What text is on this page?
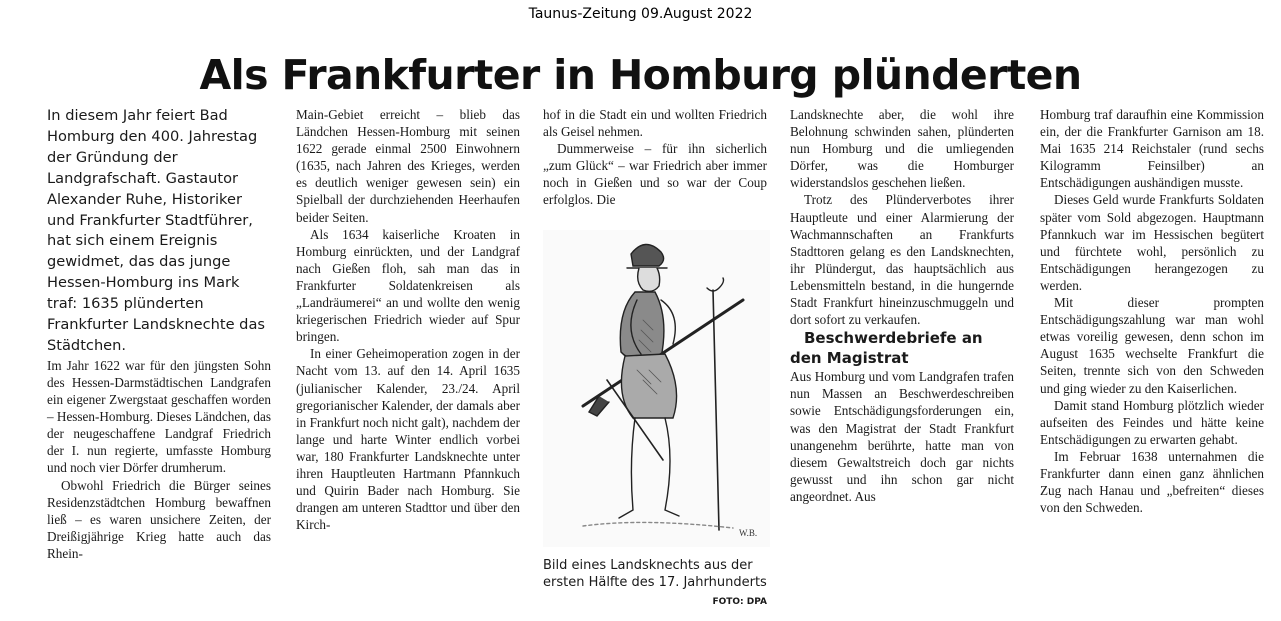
Taunus-Zeitung 09.August 2022
Als Frankfurter in Homburg plünderten

In diesem Jahr feiert Bad Homburg den 400. Jahrestag der Gründung der Landgrafschaft. Gastautor Alexander Ruhe, Historiker und Frankfurter Stadtführer, hat sich einem Ereignis gewidmet, das das junge Hessen-Homburg ins Mark traf: 1635 plünderten Frankfurter Landsknechte das Städtchen.

Im Jahr 1622 war für den jüngsten Sohn des Hessen-Darmstädtischen Landgrafen ein eigener Zwergstaat geschaffen worden – Hessen-Homburg. Dieses Ländchen, das der neugeschaffene Landgraf Friedrich der I. nun regierte, umfasste Homburg und noch vier Dörfer drumherum.

Obwohl Friedrich die Bürger seines Residenzstädtchen Homburg bewaffnen ließ – es waren unsichere Zeiten, der Dreißigjährige Krieg hatte auch das Rhein-

Main-Gebiet erreicht – blieb das Ländchen Hessen-Homburg mit seinen 1622 gerade einmal 2500 Einwohnern (1635, nach Jahren des Krieges, werden es deutlich weniger gewesen sein) ein Spielball der durchziehenden Heerhaufen beider Seiten.

Als 1634 kaiserliche Kroaten in Homburg einrückten, und der Landgraf nach Gießen floh, sah man das in Frankfurter Soldatenkreisen als „Landräumerei“ an und wollte den wenig kriegerischen Friedrich wieder auf Spur bringen.

In einer Geheimoperation zogen in der Nacht vom 13. auf den 14. April 1635 (julianischer Kalender, 23./24. April gregorianischer Kalender, der damals aber in Frankfurt noch nicht galt), nachdem der lange und harte Winter endlich vorbei war, 180 Frankfurter Landsknechte unter ihren Hauptleuten Hartmann Pfannkuch und Quirin Bader nach Homburg. Sie drangen am unteren Stadttor und über den Kirch-

hof in die Stadt ein und wollten Friedrich als Geisel nehmen.

Dummerweise – für ihn sicherlich „zum Glück“ – war Friedrich aber immer noch in Gießen und so war der Coup erfolglos. Die

W.B.
Bild eines Landsknechts aus der ersten Hälfte des 17. Jahrhunderts
FOTO: DPA

Landsknechte aber, die wohl ihre Belohnung schwinden sahen, plünderten nun Homburg und die umliegenden Dörfer, was die Homburger widerstandslos geschehen ließen.

Trotz des Plünderverbotes ihrer Hauptleute und einer Alarmierung der Wachmannschaften an Frankfurts Stadttoren gelang es den Landsknechten, ihr Plündergut, das hauptsächlich aus Lebensmitteln bestand, in die hungernde Stadt Frankfurt hineinzuschmuggeln und dort sofort zu verkaufen.

Beschwerdebriefe an den Magistrat

Aus Homburg und vom Landgrafen trafen nun Massen an Beschwerdeschreiben sowie Entschädigungsforderungen ein, was den Magistrat der Stadt Frankfurt unangenehm berührte, hatte man von diesem Gewaltstreich doch gar nichts gewusst und ihn schon gar nicht angeordnet. Aus

Homburg traf daraufhin eine Kommission ein, der die Frankfurter Garnison am 18. Mai 1635 214 Reichstaler (rund sechs Kilogramm Feinsilber) an Entschädigungen aushändigen musste.

Dieses Geld wurde Frankfurts Soldaten später vom Sold abgezogen. Hauptmann Pfannkuch war im Hessischen begütert und fürchtete wohl, persönlich zu Entschädigungen herangezogen zu werden.

Mit dieser prompten Entschädigungszahlung war man wohl etwas voreilig gewesen, denn schon im August 1635 wechselte Frankfurt die Seiten, trennte sich von den Schweden und ging wieder zu den Kaiserlichen.

Damit stand Homburg plötzlich wieder aufseiten des Feindes und hätte keine Entschädigungen zu erwarten gehabt.

Im Februar 1638 unternahmen die Frankfurter dann einen ganz ähnlichen Zug nach Hanau und „befreiten“ dieses von den Schweden.
